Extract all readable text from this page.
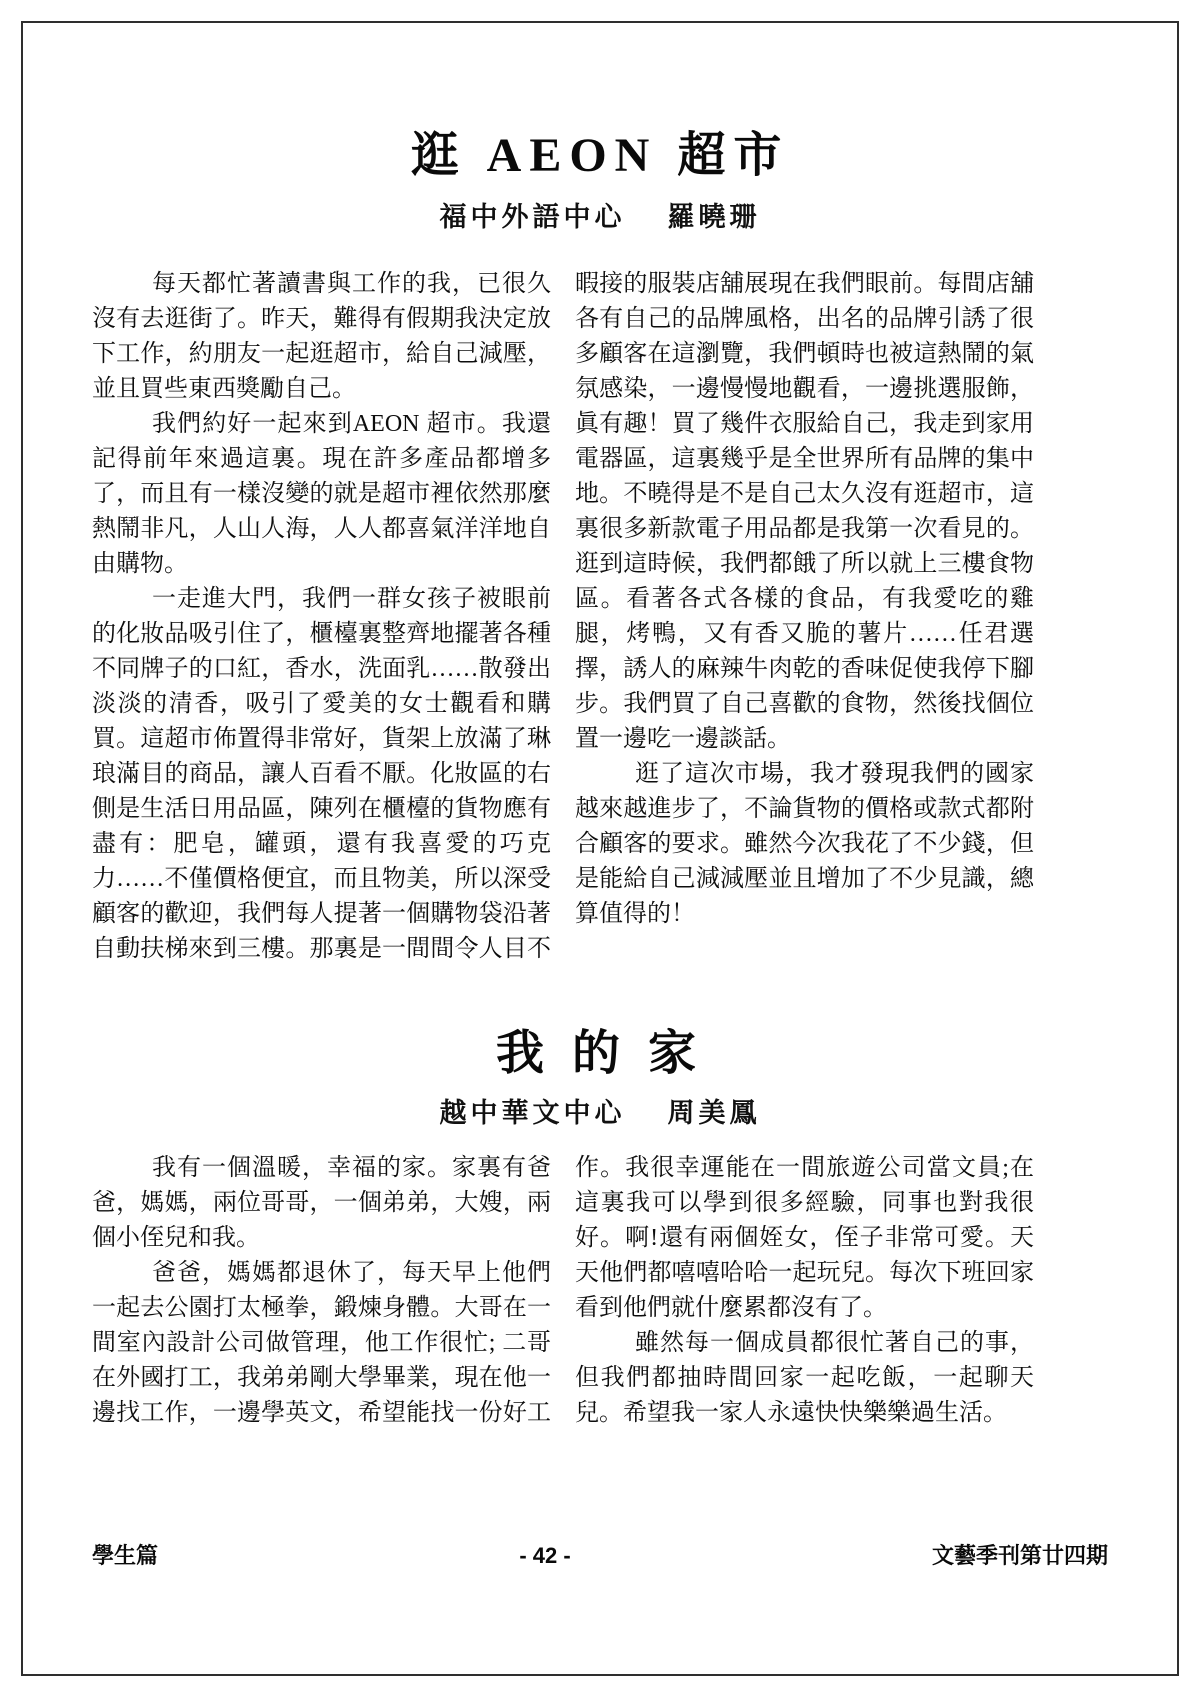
逛 AEON 超市
福中外語中心 羅曉珊

每天都忙著讀書與工作的我，已很久沒有去逛街了。昨天，難得有假期我決定放下工作，約朋友一起逛超市，給自己減壓，並且買些東西獎勵自己。

我們約好一起來到AEON 超市。我還記得前年來過這裏。現在許多產品都增多了，而且有一樣沒變的就是超市裡依然那麼熱鬧非凡，人山人海，人人都喜氣洋洋地自由購物。

一走進大門，我們一群女孩子被眼前的化妝品吸引住了，櫃檯裏整齊地擺著各種不同牌子的口紅，香水，洗面乳……散發出淡淡的清香，吸引了愛美的女士觀看和購買。這超市佈置得非常好，貨架上放滿了琳琅滿目的商品，讓人百看不厭。化妝區的右側是生活日用品區，陳列在櫃檯的貨物應有盡有：肥皂，罐頭，還有我喜愛的巧克力……不僅價格便宜，而且物美，所以深受顧客的歡迎，我們每人提著一個購物袋沿著自動扶梯來到三樓。那裏是一間間令人目不暇接的服裝店舖展現在我們眼前。每間店舖各有自己的品牌風格，出名的品牌引誘了很多顧客在這瀏覽，我們頓時也被這熱鬧的氣氛感染，一邊慢慢地觀看，一邊挑選服飾，眞有趣！買了幾件衣服給自己，我走到家用電器區，這裏幾乎是全世界所有品牌的集中地。不曉得是不是自己太久沒有逛超市，這裏很多新款電子用品都是我第一次看見的。逛到這時候，我們都餓了所以就上三樓食物區。看著各式各樣的食品，有我愛吃的雞腿，烤鴨，又有香又脆的薯片……任君選擇，誘人的麻辣牛肉乾的香味促使我停下腳步。我們買了自己喜歡的食物，然後找個位置一邊吃一邊談話。

逛了這次市場，我才發現我們的國家越來越進步了，不論貨物的價格或款式都附合顧客的要求。雖然今次我花了不少錢，但是能給自己減減壓並且增加了不少見識，總算值得的！

我 的 家
越中華文中心 周美鳳

我有一個溫暖，幸福的家。家裏有爸爸，媽媽，兩位哥哥，一個弟弟，大嫂，兩個小侄兒和我。

爸爸，媽媽都退休了，每天早上他們一起去公園打太極拳，鍛煉身體。大哥在一間室內設計公司做管理，他工作很忙; 二哥在外國打工，我弟弟剛大學畢業，現在他一邊找工作，一邊學英文，希望能找一份好工作。我很幸運能在一間旅遊公司當文員;在這裏我可以學到很多經驗，同事也對我很好。啊!還有兩個姪女，侄子非常可愛。天天他們都嘻嘻哈哈一起玩兒。每次下班回家看到他們就什麼累都沒有了。

雖然每一個成員都很忙著自己的事，但我們都抽時間回家一起吃飯，一起聊天兒。希望我一家人永遠快快樂樂過生活。

學生篇	- 42 -	文藝季刊第廿四期
